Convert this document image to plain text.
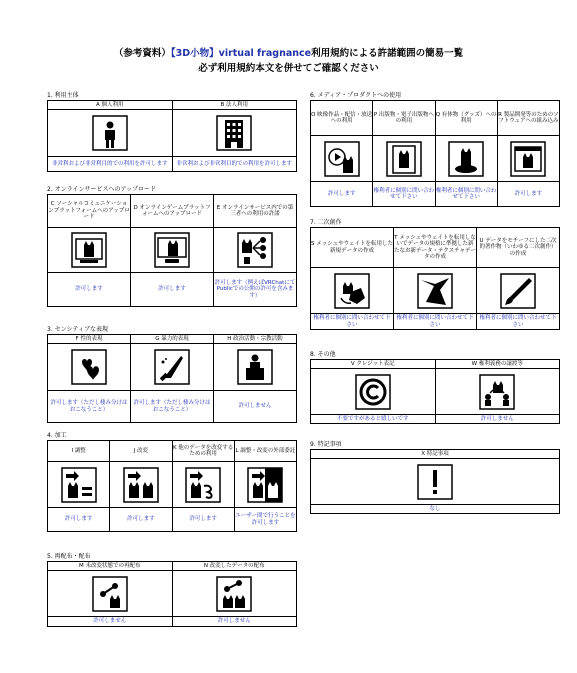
（参考資料）【3D小物】virtual fragnance利用規約による許諾範囲の簡易一覧
必ず利用規約本文を併せてご確認ください
1. 利用主体
A 個人利用	B 法人利用

非営利および非営利目的での利用を許可します	非営利および非営利目的での利用を許可します
2. オンラインサービスへのアップロード
C ソーシャルコミュニケーションプラットフォームへのアップロード	D オンラインゲームプラットフォームへのアップロード	E オンラインサービス内での第三者への利用の許諾

許可します	許可します	許可します（例えばVRChatにてPublicでの公開の許可を含みます）
3. センシティブな表現
F 性的表現	G 暴力的表現	H 政治活動・宗教活動

許可します（ただし棲み分けはおこなうこと）	許可します（ただし棲み分けはおこなうこと）	許可しません
4. 加工
I 調整	J 改変	K 他のデータを改変するための利用	L 調整・改変の外部委託

許可します	許可します	許可します	ユーザー間で行うことを許可します
5. 再配布・配布
M 未改変状態での再配布	N 改変したデータの配布

許可しません	許可しません
6. メディア・プロダクトへの使用
O 映像作品・配信・放送への利用	P 出版物・電子出版物への利用	Q 有体物（グッズ）への利用	R 製品開発等のためのソフトウェアへの組み込み

許可します	権利者に個別に問い合わせて下さい	権利者に個別に問い合わせて下さい	許可します
7. 二次創作
S メッシュやウェイトを転用した新規データの作成	T メッシュやウェイトを転用しないでデータの規格に準拠した新たなお新データ・テクスチャデータの作成	U データをモチーフにした二次的著作物（いわゆる二次創作）の作成

権利者に個別に問い合わせて下さい	権利者に個別に問い合わせて下さい	権利者に個別に問い合わせて下さい
8. その他
V クレジット表記	W 権利義務の譲渡等

不要ですがあると嬉しいです	許可しません
9. 特記事項
X 特記事項

なし
